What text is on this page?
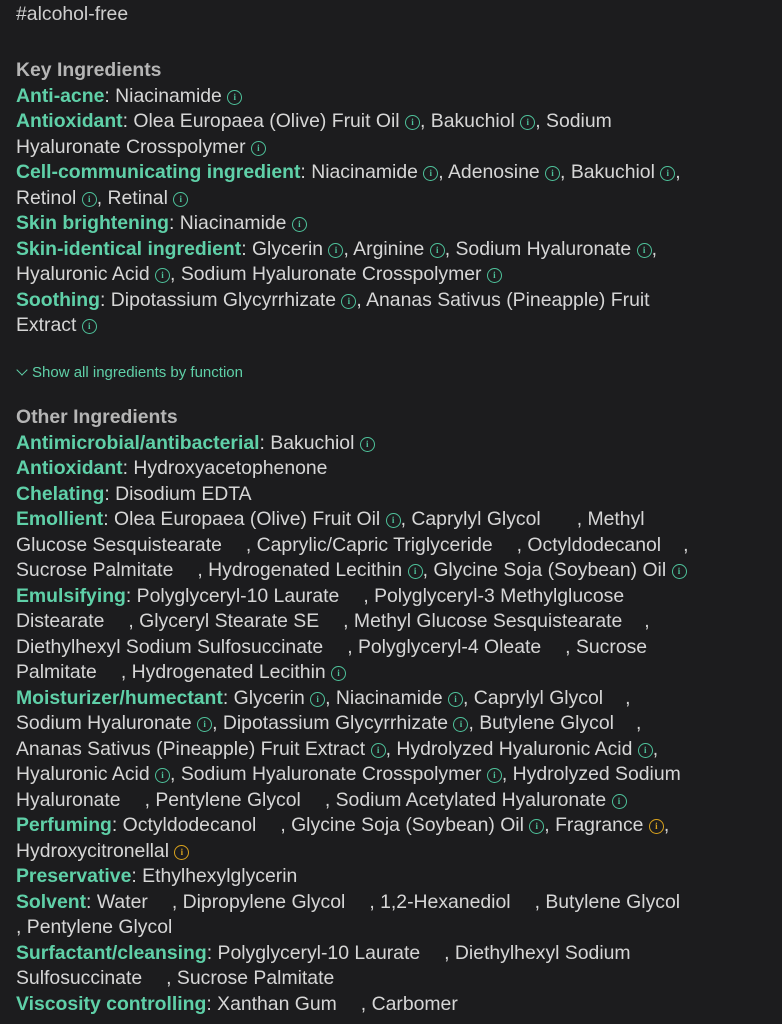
#alcohol-free
Key Ingredients
Anti-acne: Niacinamide i
Antioxidant: Olea Europaea (Olive) Fruit Oil i , Bakuchiol i , Sodium
Hyaluronate Crosspolymer i
Cell-communicating ingredient: Niacinamide i , Adenosine i , Bakuchiol i ,
Retinol i , Retinal i
Skin brightening: Niacinamide i
Skin-identical ingredient: Glycerin i , Arginine i , Sodium Hyaluronate i ,
Hyaluronic Acid i , Sodium Hyaluronate Crosspolymer i
Soothing: Dipotassium Glycyrrhizate i , Ananas Sativus (Pineapple) Fruit
Extract i
Show all ingredients by function
Other Ingredients
Antimicrobial/antibacterial: Bakuchiol i
Antioxidant: Hydroxyacetophenone
Chelating: Disodium EDTA
Emollient: Olea Europaea (Olive) Fruit Oil i , Caprylyl Glycol , Methyl
Glucose Sesquistearate , Caprylic/Capric Triglyceride , Octyldodecanol ,
Sucrose Palmitate , Hydrogenated Lecithin i , Glycine Soja (Soybean) Oil i
Emulsifying: Polyglyceryl-10 Laurate , Polyglyceryl-3 Methylglucose
Distearate , Glyceryl Stearate SE , Methyl Glucose Sesquistearate ,
Diethylhexyl Sodium Sulfosuccinate , Polyglyceryl-4 Oleate , Sucrose
Palmitate , Hydrogenated Lecithin i
Moisturizer/humectant: Glycerin i , Niacinamide i , Caprylyl Glycol ,
Sodium Hyaluronate i , Dipotassium Glycyrrhizate i , Butylene Glycol ,
Ananas Sativus (Pineapple) Fruit Extract i , Hydrolyzed Hyaluronic Acid i ,
Hyaluronic Acid i , Sodium Hyaluronate Crosspolymer i , Hydrolyzed Sodium
Hyaluronate , Pentylene Glycol , Sodium Acetylated Hyaluronate i
Perfuming: Octyldodecanol , Glycine Soja (Soybean) Oil i , Fragrance i ,
Hydroxycitronellal i
Preservative: Ethylhexylglycerin
Solvent: Water , Dipropylene Glycol , 1,2-Hexanediol , Butylene Glycol
, Pentylene Glycol
Surfactant/cleansing: Polyglyceryl-10 Laurate , Diethylhexyl Sodium
Sulfosuccinate , Sucrose Palmitate
Viscosity controlling: Xanthan Gum , Carbomer
